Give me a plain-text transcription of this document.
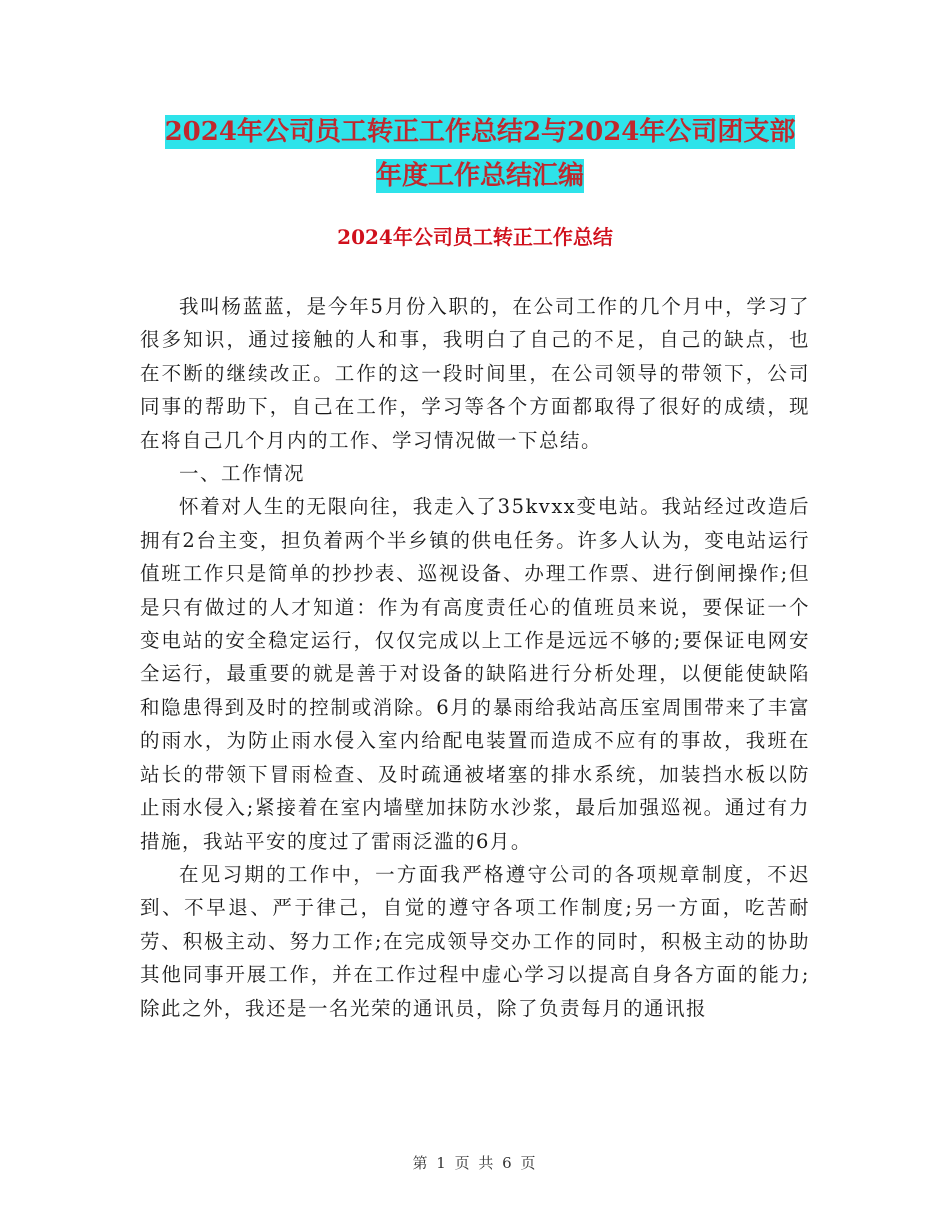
2024年公司员工转正工作总结2与2024年公司团支部
年度工作总结汇编
2024年公司员工转正工作总结

我叫杨蓝蓝，是今年5月份入职的，在公司工作的几个月中，学习了很多知识，通过接触的人和事，我明白了自己的不足，自己的缺点，也在不断的继续改正。工作的这一段时间里，在公司领导的带领下，公司同事的帮助下，自己在工作，学习等各个方面都取得了很好的成绩，现在将自己几个月内的工作、学习情况做一下总结。

一、工作情况

怀着对人生的无限向往，我走入了35kvxx变电站。我站经过改造后拥有2台主变，担负着两个半乡镇的供电任务。许多人认为，变电站运行值班工作只是简单的抄抄表、巡视设备、办理工作票、进行倒闸操作;但是只有做过的人才知道：作为有高度责任心的值班员来说，要保证一个变电站的安全稳定运行，仅仅完成以上工作是远远不够的;要保证电网安全运行，最重要的就是善于对设备的缺陷进行分析处理，以便能使缺陷和隐患得到及时的控制或消除。6月的暴雨给我站高压室周围带来了丰富的雨水，为防止雨水侵入室内给配电装置而造成不应有的事故，我班在站长的带领下冒雨检查、及时疏通被堵塞的排水系统，加装挡水板以防止雨水侵入;紧接着在室内墙壁加抹防水沙浆，最后加强巡视。通过有力措施，我站平安的度过了雷雨泛滥的6月。

在见习期的工作中，一方面我严格遵守公司的各项规章制度，不迟到、不早退、严于律己，自觉的遵守各项工作制度;另一方面，吃苦耐劳、积极主动、努力工作;在完成领导交办工作的同时，积极主动的协助其他同事开展工作，并在工作过程中虚心学习以提高自身各方面的能力;除此之外，我还是一名光荣的通讯员，除了负责每月的通讯报

第 1 页 共 6 页
